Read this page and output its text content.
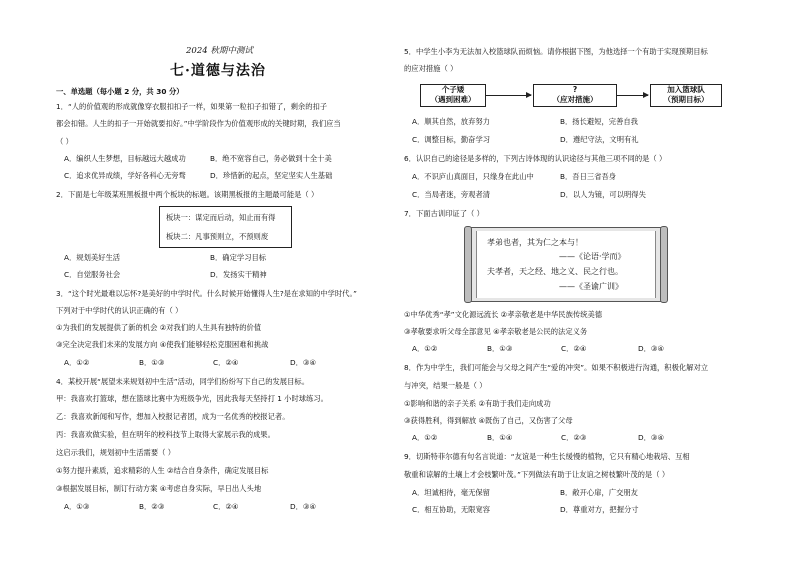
2024 秋期中测试
七·道德与法治
一、单选题（每小题 2 分，共 30 分）
1．“人的价值观的形成就像穿衣服扣扣子一样，如果第一粒扣子扣错了，剩余的扣子
都会扣错。人生的扣子一开始就要扣好。”中学阶段作为价值观形成的关键时期，我们应当
（ ）
A．编织人生梦想，目标越远大越成功	B．绝不宽容自己，务必做到十全十美
C．追求优异成绩，学好各科心无旁骛	D．珍惜新的起点，坚定坚实人生基础
2．下面是七年级某班黑板报中两个板块的标题。该期黑板报的主题最可能是（ ）
板块一：谋定而后动，知止而有得
板块二：凡事预则立，不预则废
A．规划美好生活	B．确定学习目标
C．自觉服务社会	D．发扬实干精神
3．“这个时光最难以忘怀?是美好的中学时代。什么时候开始懂得人生?是在求知的中学时代。”
下列对于中学时代的认识正确的有（ ）
①为我们的发展提供了新的机会 ②对我们的人生具有独特的价值
③完全决定我们未来的发展方向 ④使我们能够轻松克服困难和挑战
A．①②	B．①③	C．②④	D．③④
4．某校开展“展望未来规划初中生活”活动，同学们纷纷写下自己的发展目标。
甲：我喜欢打篮球，想在篮球比赛中为班级争光，因此我每天坚持打 1 小时球练习。
乙：我喜欢新闻和写作，想加入校报记者团，成为一名优秀的校报记者。
丙：我喜欢做实验，但在明年的校科技节上取得大家展示我的成果。
这启示我们，规划初中生活需要（ ）
①努力提升素质，追求精彩的人生 ②结合自身条件，确定发展目标
③根据发展目标，制订行动方案 ④考虑自身实际，早日出人头地
A．①③	B．②③	C．②④	D．③④
5．中学生小李为无法加入校篮球队而烦恼。请你根据下图，为他选择一个有助于实现预期目标
的应对措施（ ）
个子矮
（遇到困难）
?
（应对措施）
加入篮球队
（预期目标）
A．顺其自然，放弃努力	B．扬长避短，完善自我
C．调整目标，勤奋学习	D．遵纪守法，文明有礼
6．认识自己的途径是多样的，下列古诗体现的认识途径与其他三项不同的是（ ）
A．不识庐山真面目，只缘身在此山中	B．吾日三省吾身
C．当局者迷，旁观者清	D．以人为镜，可以明得失
7．下面古训印证了（ ）
孝弟也者，其为仁之本与！
——《论语·学而》
夫孝者，天之经、地之义、民之行也。
——《圣谕广训》
①中华优秀“孝”文化源远流长 ②孝亲敬老是中华民族传统美德
③孝敬要求听父母全部意见 ④孝亲敬老是公民的法定义务
A．①②	B．①③	C．②④	D．③④
8．作为中学生，我们可能会与父母之间产生“爱的冲突”。如果不积极进行沟通，积极化解对立
与冲突，结果一般是（ ）
①影响和谐的亲子关系 ②有助于我们走向成功
③获得胜利，得到解放 ④既伤了自己，又伤害了父母
A．①②	B．①④	C．②③	D．③④
9．切斯特菲尔德有句名言说道：“友谊是一种生长缓慢的植物，它只有精心地栽培、互相
敬重和谅解的土壤上才会枝繁叶茂。”下列做法有助于让友谊之树枝繁叶茂的是（ ）
A．坦诚相待，毫无保留	B．敞开心扉，广交朋友
C．相互协助，无限宽容	D．尊重对方，把握分寸
